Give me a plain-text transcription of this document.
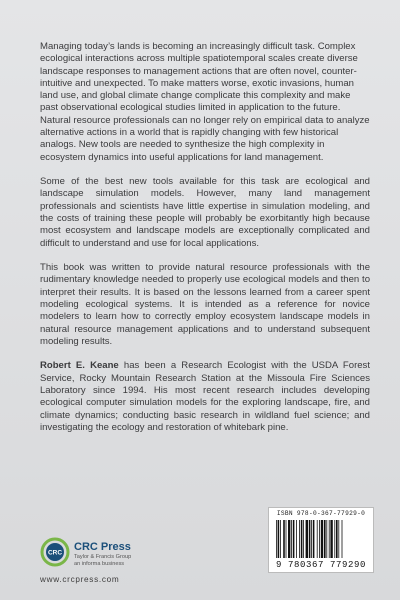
Managing today’s lands is becoming an increasingly difficult task. Complex ecological interactions across multiple spatiotemporal scales create diverse landscape responses to management actions that are often novel, counter-intuitive and unexpected. To make matters worse, exotic invasions, human land use, and global climate change complicate this complexity and make past observational ecological studies limited in application to the future. Natural resource professionals can no longer rely on empirical data to analyze alternative actions in a world that is rapidly changing with few historical analogs. New tools are needed to synthesize the high complexity in ecosystem dynamics into useful applications for land management.

Some of the best new tools available for this task are ecological and landscape simulation models. However, many land management professionals and scientists have little expertise in simulation modeling, and the costs of training these people will probably be exorbitantly high because most ecosystem and landscape models are exceptionally complicated and difficult to understand and use for local applications.

This book was written to provide natural resource professionals with the rudimentary knowledge needed to properly use ecological models and then to interpret their results. It is based on the lessons learned from a career spent modeling ecological systems. It is intended as a reference for novice modelers to learn how to correctly employ ecosystem landscape models in natural resource management applications and to understand subsequent modeling results.

Robert E. Keane has been a Research Ecologist with the USDA Forest Service, Rocky Mountain Research Station at the Missoula Fire Sciences Laboratory since 1994. His most recent research includes developing ecological computer simulation models for the exploring landscape, fire, and climate dynamics; conducting basic research in wildland fuel science; and investigating the ecology and restoration of whitebark pine.

CRC CRC Press
Taylor & Francis Group
an informa business
www.crcpress.com
ISBN 978-0-367-77929-0
9 780367 779290
